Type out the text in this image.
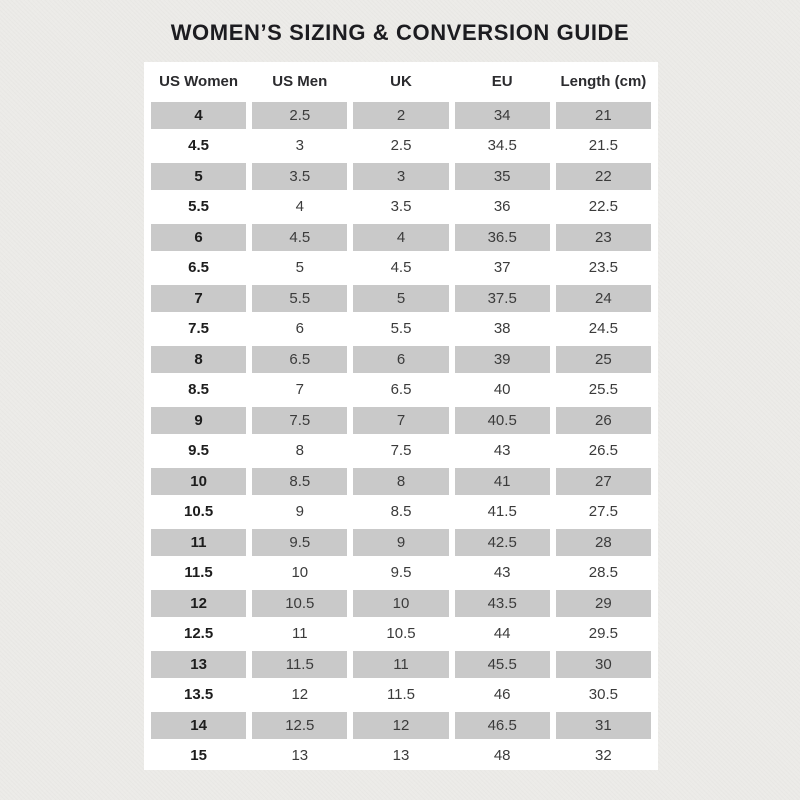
WOMEN’S SIZING & CONVERSION GUIDE
US Women	US Men	UK	EU	Length (cm)
4	2.5	2	34	21
4.5	3	2.5	34.5	21.5
5	3.5	3	35	22
5.5	4	3.5	36	22.5
6	4.5	4	36.5	23
6.5	5	4.5	37	23.5
7	5.5	5	37.5	24
7.5	6	5.5	38	24.5
8	6.5	6	39	25
8.5	7	6.5	40	25.5
9	7.5	7	40.5	26
9.5	8	7.5	43	26.5
10	8.5	8	41	27
10.5	9	8.5	41.5	27.5
11	9.5	9	42.5	28
11.5	10	9.5	43	28.5
12	10.5	10	43.5	29
12.5	11	10.5	44	29.5
13	11.5	11	45.5	30
13.5	12	11.5	46	30.5
14	12.5	12	46.5	31
15	13	13	48	32
